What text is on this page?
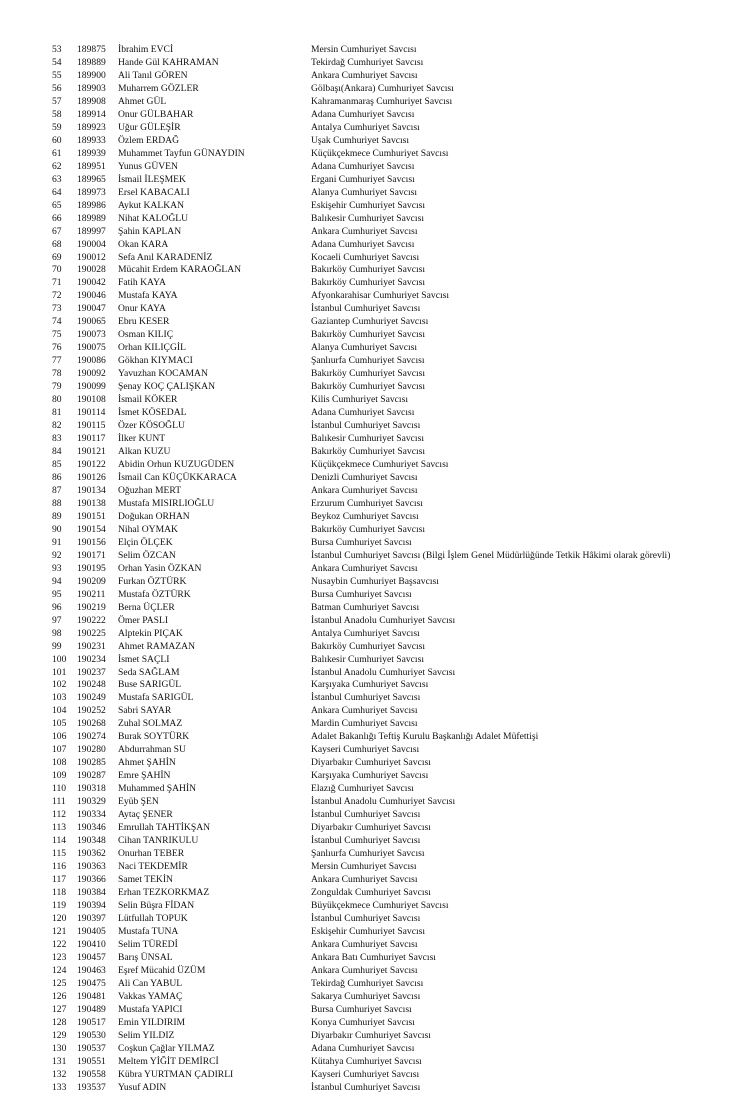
53	189875	İbrahim EVCİ	Mersin Cumhuriyet Savcısı
54	189889	Hande Gül KAHRAMAN	Tekirdağ Cumhuriyet Savcısı
55	189900	Ali Tanıl GÖREN	Ankara Cumhuriyet Savcısı
56	189903	Muharrem GÖZLER	Gölbaşı(Ankara) Cumhuriyet Savcısı
57	189908	Ahmet GÜL	Kahramanmaraş Cumhuriyet Savcısı
58	189914	Onur GÜLBAHAR	Adana Cumhuriyet Savcısı
59	189923	Uğur GÜLEŞİR	Antalya Cumhuriyet Savcısı
60	189933	Özlem ERDAĞ	Uşak Cumhuriyet Savcısı
61	189939	Muhammet Tayfun GÜNAYDIN	Küçükçekmece Cumhuriyet Savcısı
62	189951	Yunus GÜVEN	Adana Cumhuriyet Savcısı
63	189965	İsmail İLEŞMEK	Ergani Cumhuriyet Savcısı
64	189973	Ersel KABACALI	Alanya Cumhuriyet Savcısı
65	189986	Aykut KALKAN	Eskişehir Cumhuriyet Savcısı
66	189989	Nihat KALOĞLU	Balıkesir Cumhuriyet Savcısı
67	189997	Şahin KAPLAN	Ankara Cumhuriyet Savcısı
68	190004	Okan KARA	Adana Cumhuriyet Savcısı
69	190012	Sefa Anıl KARADENİZ	Kocaeli Cumhuriyet Savcısı
70	190028	Mücahit Erdem KARAOĞLAN	Bakırköy Cumhuriyet Savcısı
71	190042	Fatih KAYA	Bakırköy Cumhuriyet Savcısı
72	190046	Mustafa KAYA	Afyonkarahisar Cumhuriyet Savcısı
73	190047	Onur KAYA	İstanbul Cumhuriyet Savcısı
74	190065	Ebru KESER	Gaziantep Cumhuriyet Savcısı
75	190073	Osman KILIÇ	Bakırköy Cumhuriyet Savcısı
76	190075	Orhan KILIÇGİL	Alanya Cumhuriyet Savcısı
77	190086	Gökhan KIYMACI	Şanlıurfa Cumhuriyet Savcısı
78	190092	Yavuzhan KOCAMAN	Bakırköy Cumhuriyet Savcısı
79	190099	Şenay KOÇ ÇALIŞKAN	Bakırköy Cumhuriyet Savcısı
80	190108	İsmail KÖKER	Kilis Cumhuriyet Savcısı
81	190114	İsmet KÖSEDAL	Adana Cumhuriyet Savcısı
82	190115	Özer KÖSOĞLU	İstanbul Cumhuriyet Savcısı
83	190117	İlker KUNT	Balıkesir Cumhuriyet Savcısı
84	190121	Alkan KUZU	Bakırköy Cumhuriyet Savcısı
85	190122	Abidin Orhun KUZUGÜDEN	Küçükçekmece Cumhuriyet Savcısı
86	190126	İsmail Can KÜÇÜKKARACA	Denizli Cumhuriyet Savcısı
87	190134	Oğuzhan MERT	Ankara Cumhuriyet Savcısı
88	190138	Mustafa MISIRLIOĞLU	Erzurum Cumhuriyet Savcısı
89	190151	Doğukan ORHAN	Beykoz Cumhuriyet Savcısı
90	190154	Nihal OYMAK	Bakırköy Cumhuriyet Savcısı
91	190156	Elçin ÖLÇEK	Bursa Cumhuriyet Savcısı
92	190171	Selim ÖZCAN	İstanbul Cumhuriyet Savcısı (Bilgi İşlem Genel Müdürlüğünde Tetkik Hâkimi olarak görevli)
93	190195	Orhan Yasin ÖZKAN	Ankara Cumhuriyet Savcısı
94	190209	Furkan ÖZTÜRK	Nusaybin Cumhuriyet Başsavcısı
95	190211	Mustafa ÖZTÜRK	Bursa Cumhuriyet Savcısı
96	190219	Berna ÜÇLER	Batman Cumhuriyet Savcısı
97	190222	Ömer PASLI	İstanbul Anadolu Cumhuriyet Savcısı
98	190225	Alptekin PIÇAK	Antalya Cumhuriyet Savcısı
99	190231	Ahmet RAMAZAN	Bakırköy Cumhuriyet Savcısı
100	190234	İsmet SAÇLI	Balıkesir Cumhuriyet Savcısı
101	190237	Seda SAĞLAM	İstanbul Anadolu Cumhuriyet Savcısı
102	190248	Buse SARIGÜL	Karşıyaka Cumhuriyet Savcısı
103	190249	Mustafa SARIGÜL	İstanbul Cumhuriyet Savcısı
104	190252	Sabri SAYAR	Ankara Cumhuriyet Savcısı
105	190268	Zuhal SOLMAZ	Mardin Cumhuriyet Savcısı
106	190274	Burak SOYTÜRK	Adalet Bakanlığı Teftiş Kurulu Başkanlığı Adalet Müfettişi
107	190280	Abdurrahman SU	Kayseri Cumhuriyet Savcısı
108	190285	Ahmet ŞAHİN	Diyarbakır Cumhuriyet Savcısı
109	190287	Emre ŞAHİN	Karşıyaka Cumhuriyet Savcısı
110	190318	Muhammed ŞAHİN	Elazığ Cumhuriyet Savcısı
111	190329	Eyüb ŞEN	İstanbul Anadolu Cumhuriyet Savcısı
112	190334	Aytaç ŞENER	İstanbul Cumhuriyet Savcısı
113	190346	Emrullah TAHTİKŞAN	Diyarbakır Cumhuriyet Savcısı
114	190348	Cihan TANRIKULU	İstanbul Cumhuriyet Savcısı
115	190362	Onurhan TEBER	Şanlıurfa Cumhuriyet Savcısı
116	190363	Naci TEKDEMİR	Mersin Cumhuriyet Savcısı
117	190366	Samet TEKİN	Ankara Cumhuriyet Savcısı
118	190384	Erhan TEZKORKMAZ	Zonguldak Cumhuriyet Savcısı
119	190394	Selin Büşra FİDAN	Büyükçekmece Cumhuriyet Savcısı
120	190397	Lütfullah TOPUK	İstanbul Cumhuriyet Savcısı
121	190405	Mustafa TUNA	Eskişehir Cumhuriyet Savcısı
122	190410	Selim TÜREDİ	Ankara Cumhuriyet Savcısı
123	190457	Barış ÜNSAL	Ankara Batı Cumhuriyet Savcısı
124	190463	Eşref Mücahid ÜZÜM	Ankara Cumhuriyet Savcısı
125	190475	Ali Can YABUL	Tekirdağ Cumhuriyet Savcısı
126	190481	Vakkas YAMAÇ	Sakarya Cumhuriyet Savcısı
127	190489	Mustafa YAPICI	Bursa Cumhuriyet Savcısı
128	190517	Emin YILDIRIM	Konya Cumhuriyet Savcısı
129	190530	Selim YILDIZ	Diyarbakır Cumhuriyet Savcısı
130	190537	Coşkun Çağlar YILMAZ	Adana Cumhuriyet Savcısı
131	190551	Meltem YİĞİT DEMİRCİ	Kütahya Cumhuriyet Savcısı
132	190558	Kübra YURTMAN ÇADIRLI	Kayseri Cumhuriyet Savcısı
133	193537	Yusuf ADIN	İstanbul Cumhuriyet Savcısı
